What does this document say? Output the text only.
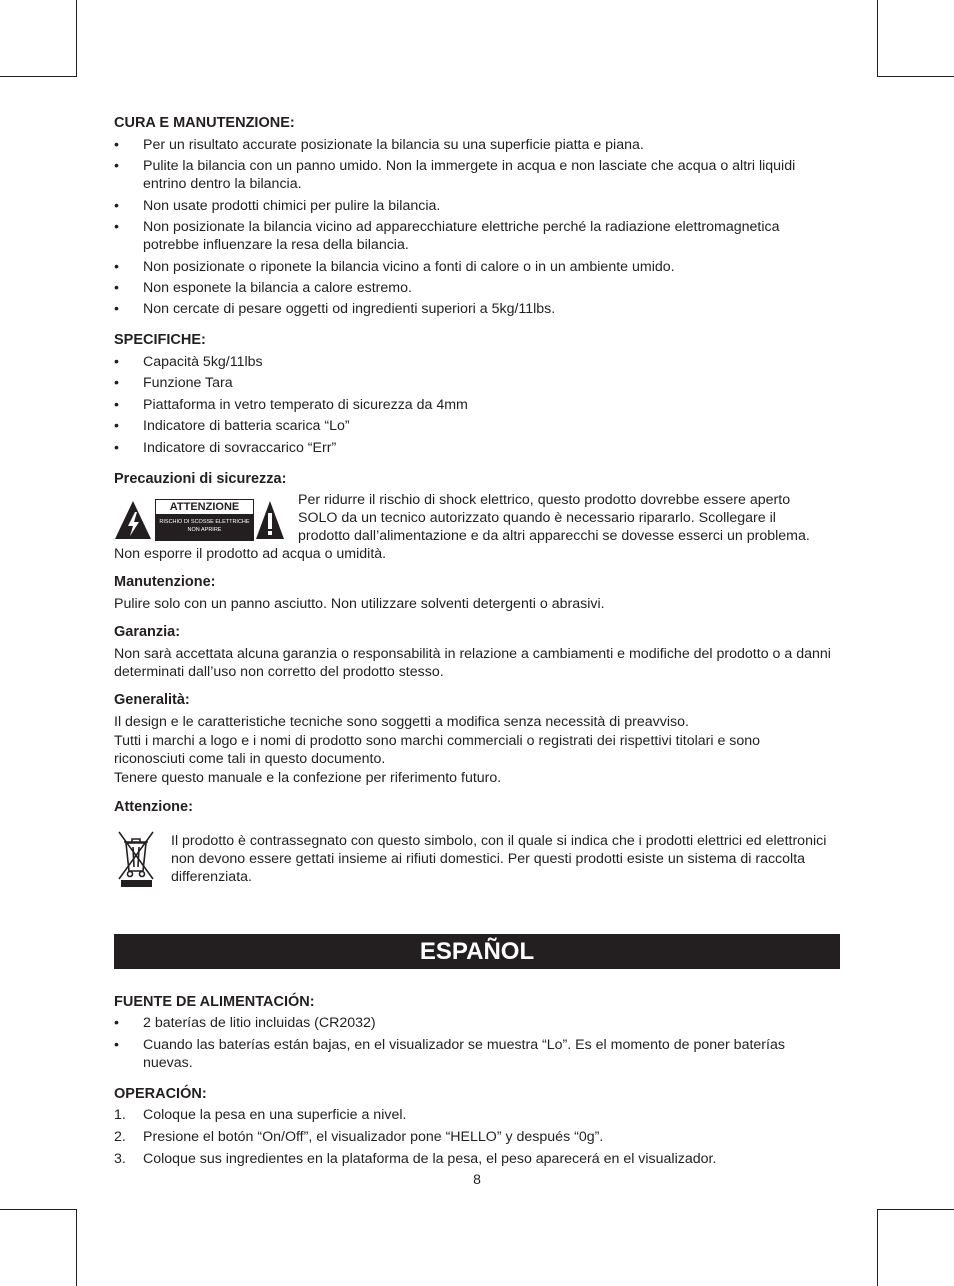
CURA E MANUTENZIONE:
• Per un risultato accurate posizionate la bilancia su una superficie piatta e piana.
• Pulite la bilancia con un panno umido. Non la immergete in acqua e non lasciate che acqua o altri liquidi entrino dentro la bilancia.
• Non usate prodotti chimici per pulire la bilancia.
• Non posizionate la bilancia vicino ad apparecchiature elettriche perché la radiazione elettromagnetica potrebbe influenzare la resa della bilancia.
• Non posizionate o riponete la bilancia vicino a fonti di calore o in un ambiente umido.
• Non esponete la bilancia a calore estremo.
• Non cercate di pesare oggetti od ingredienti superiori a 5kg/11lbs.
SPECIFICHE:
• Capacità 5kg/11lbs
• Funzione Tara
• Piattaforma in vetro temperato di sicurezza da 4mm
• Indicatore di batteria scarica “Lo”
• Indicatore di sovraccarico “Err”
Precauzioni di sicurezza:
Per ridurre il rischio di shock elettrico, questo prodotto dovrebbe essere aperto
SOLO da un tecnico autorizzato quando è necessario ripararlo. Scollegare il
prodotto dall’alimentazione e da altri apparecchi se dovesse esserci un problema.
Non esporre il prodotto ad acqua o umidità.
Manutenzione:
Pulire solo con un panno asciutto. Non utilizzare solventi detergenti o abrasivi.
Garanzia:
Non sarà accettata alcuna garanzia o responsabilità in relazione a cambiamenti e modifiche del prodotto o a danni determinati dall’uso non corretto del prodotto stesso.
Generalità:
Il design e le caratteristiche tecniche sono soggetti a modifica senza necessità di preavviso.
Tutti i marchi a logo e i nomi di prodotto sono marchi commerciali o registrati dei rispettivi titolari e sono riconosciuti come tali in questo documento.
Tenere questo manuale e la confezione per riferimento futuro.
Attenzione:
Il prodotto è contrassegnato con questo simbolo, con il quale si indica che i prodotti elettrici ed elettronici non devono essere gettati insieme ai rifiuti domestici. Per questi prodotti esiste un sistema di raccolta differenziata.
FUENTE DE ALIMENTACIÓN:
• 2 baterías de litio incluidas (CR2032)
• Cuando las baterías están bajas, en el visualizador se muestra “Lo”. Es el momento de poner baterías nuevas.
OPERACIÓN:
1. Coloque la pesa en una superficie a nivel.
2. Presione el botón “On/Off”, el visualizador pone “HELLO” y después “0g”.
3. Coloque sus ingredientes en la plataforma de la pesa, el peso aparecerá en el visualizador.
ATTENZIONE
RISCHIO DI SCOSSE ELETTRICHE NON APRIRE
ESPAÑOL
8
